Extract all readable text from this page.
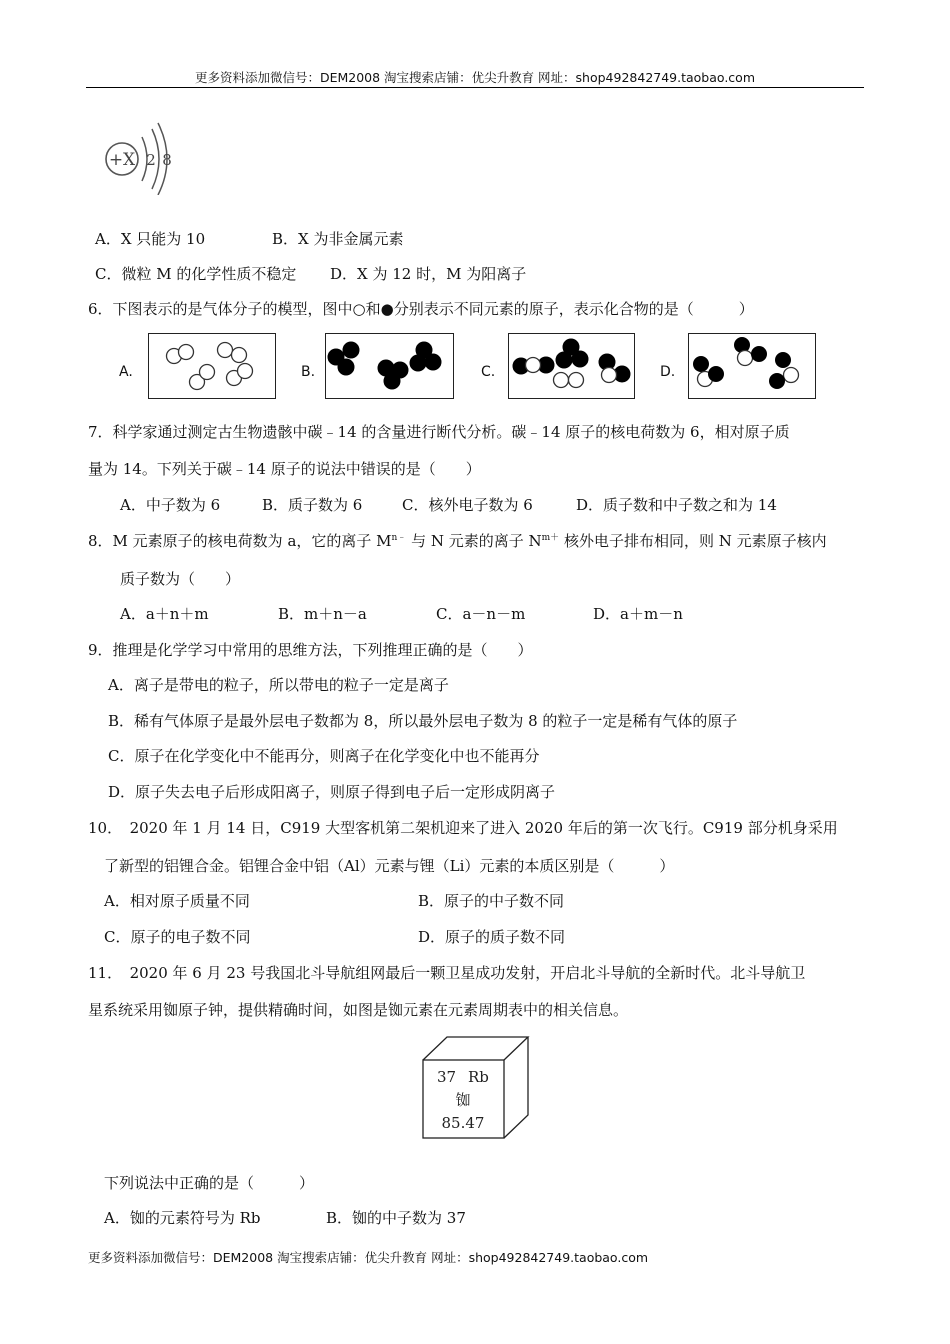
更多资料添加微信号：DEM2008 淘宝搜索店铺：优尖升教育 网址：shop492842749.taobao.com
+X 2 8
A．X 只能为 10	B．X 为非金属元素
C．微粒 M 的化学性质不稳定 D．X 为 12 时，M 为阳离子
6．下图表示的是气体分子的模型，图中○和●分别表示不同元素的原子，表示化合物的是（　　　）
A.	B.	C.	D.
7．科学家通过测定古生物遗骸中碳﹣14 的含量进行断代分析。碳﹣14 原子的核电荷数为 6，相对原子质
量为 14。下列关于碳﹣14 原子的说法中错误的是（　　）
A．中子数为 6	B．质子数为 6	C．核外电子数为 6	D．质子数和中子数之和为 14
8．M 元素原子的核电荷数为 a，它的离子 $M^{n﹣}$ 与 N 元素的离子 $N^{m+}$ 核外电子排布相同，则 N 元素原子核内
质子数为（　　）
A．a＋n＋m	B．m＋n－a	C．a－n－m	D．a＋m－n
9．推理是化学学习中常用的思维方法，下列推理正确的是（　　）
A．离子是带电的粒子，所以带电的粒子一定是离子
B．稀有气体原子是最外层电子数都为 8，所以最外层电子数为 8 的粒子一定是稀有气体的原子
C．原子在化学变化中不能再分，则离子在化学变化中也不能再分
D．原子失去电子后形成阳离子，则原子得到电子后一定形成阴离子
10．　2020 年 1 月 14 日，C919 大型客机第二架机迎来了进入 2020 年后的第一次飞行。C919 部分机身采用
了新型的铝锂合金。铝锂合金中铝（Al）元素与锂（Li）元素的本质区别是（　　　）
A．相对原子质量不同	B．原子的中子数不同
C．原子的电子数不同	D．原子的质子数不同
11．　2020 年 6 月 23 号我国北斗导航组网最后一颗卫星成功发射，开启北斗导航的全新时代。北斗导航卫
星系统采用铷原子钟，提供精确时间，如图是铷元素在元素周期表中的相关信息。
37 Rb
铷
85.47
下列说法中正确的是（　　　）
A．铷的元素符号为 Rb	B．铷的中子数为 37
更多资料添加微信号：DEM2008 淘宝搜索店铺：优尖升教育 网址：shop492842749.taobao.com
